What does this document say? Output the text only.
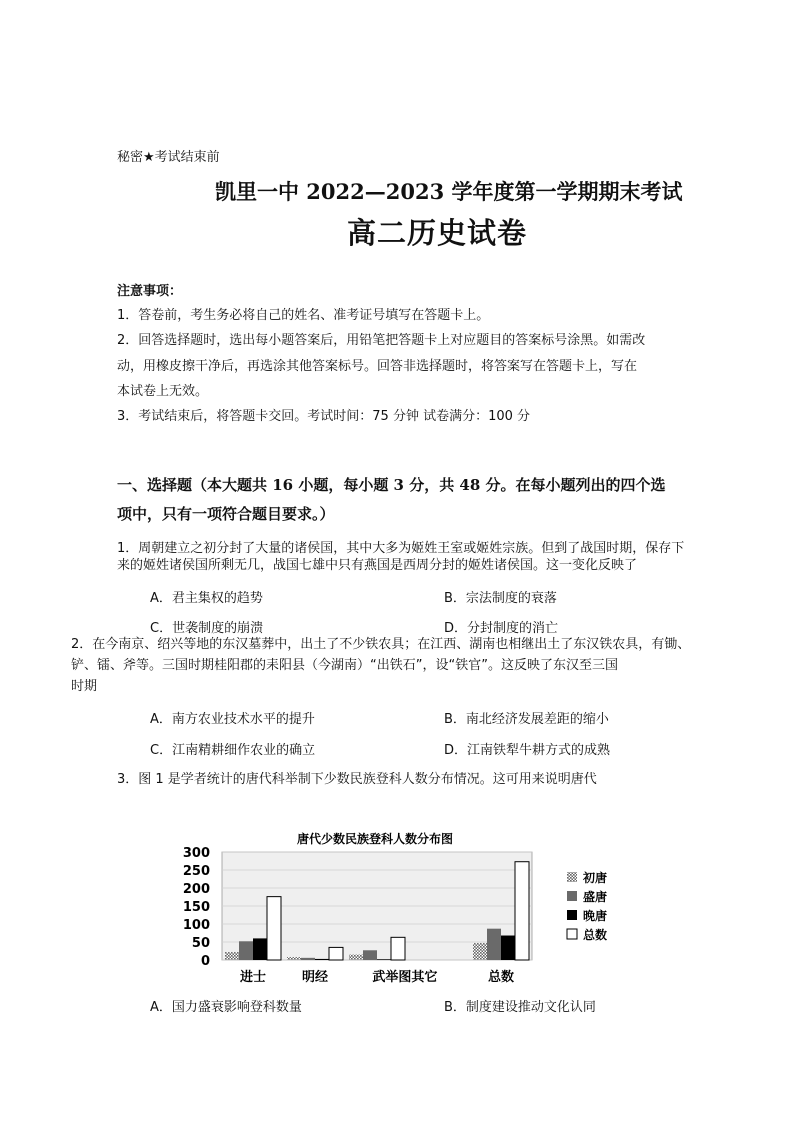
秘密★考试结束前
凯里一中 2022—2023 学年度第一学期期末考试
高二历史试卷
注意事项：
1．答卷前，考生务必将自己的姓名、准考证号填写在答题卡上。
2．回答选择题时，选出每小题答案后，用铅笔把答题卡上对应题目的答案标号涂黑。如需改
动，用橡皮擦干净后，再选涂其他答案标号。回答非选择题时，将答案写在答题卡上，写在
本试卷上无效。
3．考试结束后，将答题卡交回。考试时间：75 分钟 试卷满分：100 分
一、选择题（本大题共 16 小题，每小题 3 分，共 48 分。在每小题列出的四个选
项中，只有一项符合题目要求。）
1．周朝建立之初分封了大量的诸侯国，其中大多为姬姓王室或姬姓宗族。但到了战国时期，保存下
来的姬姓诸侯国所剩无几，战国七雄中只有燕国是西周分封的姬姓诸侯国。这一变化反映了
A．君主集权的趋势	B．宗法制度的衰落
C．世袭制度的崩溃	D．分封制度的消亡
2．在今南京、绍兴等地的东汉墓葬中，出土了不少铁农具；在江西、湖南也相继出土了东汉铁农具，有锄、
铲、镭、斧等。三国时期桂阳郡的耒阳县（今湖南）“出铁石”，设“铁官”。这反映了东汉至三国
时期
A．南方农业技术水平的提升	B．南北经济发展差距的缩小
C．江南精耕细作农业的确立	D．江南铁犁牛耕方式的成熟
3．图 1 是学者统计的唐代科举制下少数民族登科人数分布情况。这可用来说明唐代
唐代少数民族登科人数分布图
0
50
100
150
200
250
300
进士	明经	武举图其它	总数
初唐
盛唐
晚唐
总数
A．国力盛衰影响登科数量	B．制度建设推动文化认同
